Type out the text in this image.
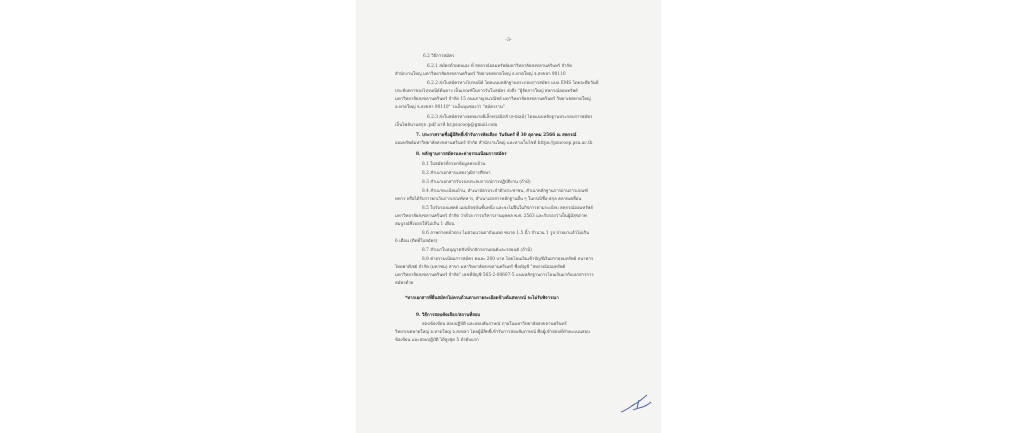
-3-
6.2 วิธีการสมัคร
6.2.1 สมัครด้วยตนเอง ที่ สหกรณ์ออมทรัพย์มหาวิทยาลัยสงขลานครินทร์ จำกัด
สำนักงานใหญ่ มหาวิทยาลัยสงขลานครินทร์ วิทยาเขตหาดใหญ่ อ.หาดใหญ่ จ.สงขลา 90110
6.2.2 ส่งใบสมัครทางไปรษณีย์ โดยแนบหลักฐานประกอบการสมัคร แบบ EMS โดยจะยึดวันที่
ประทับตราของไปรษณีย์ต้นทาง เป็นเกณฑ์ในการรับใบสมัคร ส่งถึง "ผู้จัดการใหญ่ สหกรณ์ออมทรัพย์
มหาวิทยาลัยสงขลานครินทร์ จำกัด 15 ถนนกาญจนวณิชย์ มหาวิทยาลัยสงขลานครินทร์ วิทยาเขตหาดใหญ่
อ.หาดใหญ่ จ.สงขลา 90110" วงเล็บมุมซองว่า "สมัครงาน"
6.2.3 ส่งใบสมัครทางจดหมายอิเล็กทรอนิกส์ (e-mail) โดยแนบหลักฐานประกอบการสมัคร
เป็นไฟล์นามสกุล .pdf มาที่ hr.psucoop@gmail.com
7. ประกาศรายชื่อผู้มีสิทธิ์เข้ารับการคัดเลือก วันจันทร์ ที่ 30 ตุลาคม 2566 ณ สหกรณ์
ออมทรัพย์มหาวิทยาลัยสงขลานครินทร์ จำกัด สำนักงานใหญ่ และทางเว็บไซต์ https://psucoop.psu.ac.th
8. หลักฐานการสมัครและค่าธรรมเนียมการสมัคร
8.1 ใบสมัครที่กรอกข้อมูลครบถ้วน
8.2 สำเนาเอกสารแสดงวุฒิการศึกษา
8.3 สำเนาเอกสารรับรองประสบการณ์การปฏิบัติงาน (ถ้ามี)
8.4 สำเนาทะเบียนบ้าน, สำเนาบัตรประจำตัวประชาชน, สำเนาหลักฐานการผ่านการเกณฑ์
ทหาร หรือได้รับการยกเว้นการเกณฑ์ทหาร, สำเนาเอกสารหลักฐานอื่น ๆ ในกรณีชื่อ-สกุล คลาดเคลื่อน
8.5 ใบรับรองแพทย์ แผนปัจจุบันชั้นหนึ่ง และจะไม่ฝืนในกิจการตามระเบียบ สหกรณ์ออมทรัพย์
มหาวิทยาลัยสงขลานครินทร์ จำกัด ว่าด้วย การบริหารงานบุคคล พ.ศ. 2563 และรับรองว่าเป็นผู้มีสุขภาพ
สมบูรณ์ซึ่งออกให้ไม่เกิน 1 เดือน
8.6 ภาพถ่ายหน้าตรง ไม่สวมแว่นตากันแดด ขนาด 1.5 นิ้ว จำนวน 1 รูป ถ่ายมาแล้วไม่เกิน
6 เดือน (ติดที่ใบสมัคร)
8.7 สำเนาใบอนุญาตขับขี่รถจักรยานยนต์และรถยนต์ (ถ้ามี)
8.8 ค่าธรรมเนียมการสมัคร คนละ 200 บาท โดยโอนเงินเข้าบัญชีเงินฝากออมทรัพย์ ธนาคาร
ไทยพาณิชย์ จำกัด (มหาชน) สาขา มหาวิทยาลัยสงขลานครินทร์ ชื่อบัญชี "สหกรณ์ออมทรัพย์
มหาวิทยาลัยสงขลานครินทร์ จำกัด" เลขที่บัญชี 565-2-00607-5 แนบหลักฐานการโอนเงินมากับเอกสารการ
สมัครด้วย
*หากเอกสารที่ยื่นสมัครไม่ครบถ้วนตามรายละเอียดข้างต้นสหกรณ์ จะไม่รับพิจารณา
9. วิธีการสอบคัดเลือก/สถานที่สอบ
สอบข้อเขียน สอบปฏิบัติ และสอบสัมภาษณ์ ภายในมหาวิทยาลัยสงขลานครินทร์
วิทยาเขตหาดใหญ่ อ.หาดใหญ่ จ.สงขลา โดยผู้มีสิทธิ์เข้ารับการสอบสัมภาษณ์ คือผู้เข้าสอบที่ทำคะแนนสอบ
ข้อเขียน และสอบปฏิบัติ ได้สูงสุด 5 ลำดับแรก
